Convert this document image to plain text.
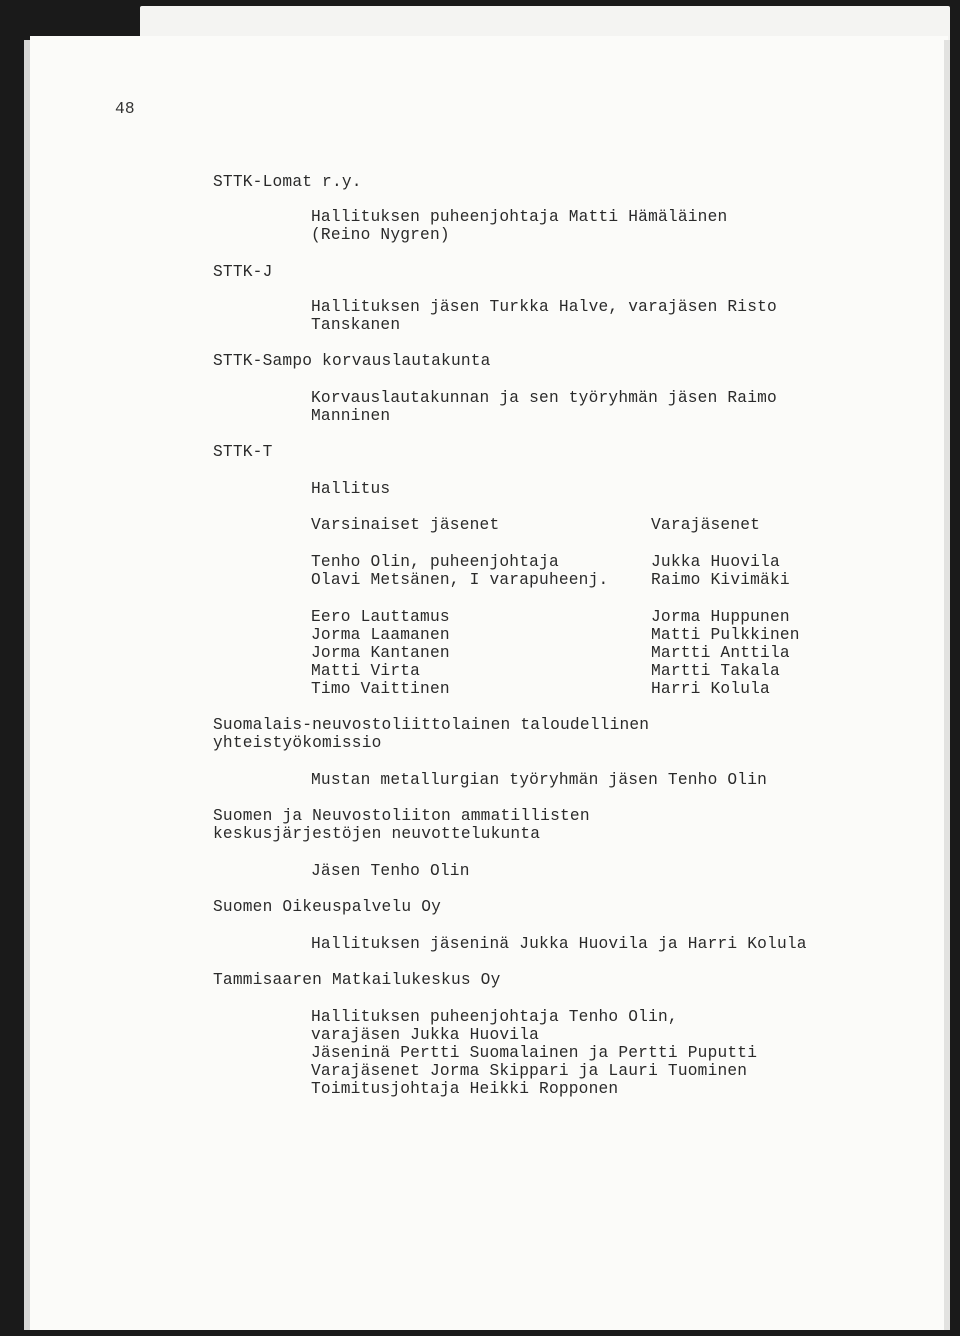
48
STTK-Lomat r.y.
Hallituksen puheenjohtaja Matti Hämäläinen
(Reino Nygren)
STTK-J
Hallituksen jäsen Turkka Halve, varajäsen Risto
Tanskanen
STTK-Sampo korvauslautakunta
Korvauslautakunnan ja sen työryhmän jäsen Raimo
Manninen
STTK-T
Hallitus
Varsinaiset jäsenet	Varajäsenet
Tenho Olin, puheenjohtaja
Olavi Metsänen, I varapuheenj.
Jukka Huovila
Raimo Kivimäki
Eero Lauttamus
Jorma Laamanen
Jorma Kantanen
Matti Virta
Timo Vaittinen
Jorma Huppunen
Matti Pulkkinen
Martti Anttila
Martti Takala
Harri Kolula
Suomalais-neuvostoliittolainen taloudellinen
yhteistyökomissio
Mustan metallurgian työryhmän jäsen Tenho Olin
Suomen ja Neuvostoliiton ammatillisten
keskusjärjestöjen neuvottelukunta
Jäsen Tenho Olin
Suomen Oikeuspalvelu Oy
Hallituksen jäseninä Jukka Huovila ja Harri Kolula
Tammisaaren Matkailukeskus Oy
Hallituksen puheenjohtaja Tenho Olin,
varajäsen Jukka Huovila
Jäseninä Pertti Suomalainen ja Pertti Puputti
Varajäsenet Jorma Skippari ja Lauri Tuominen
Toimitusjohtaja Heikki Ropponen
